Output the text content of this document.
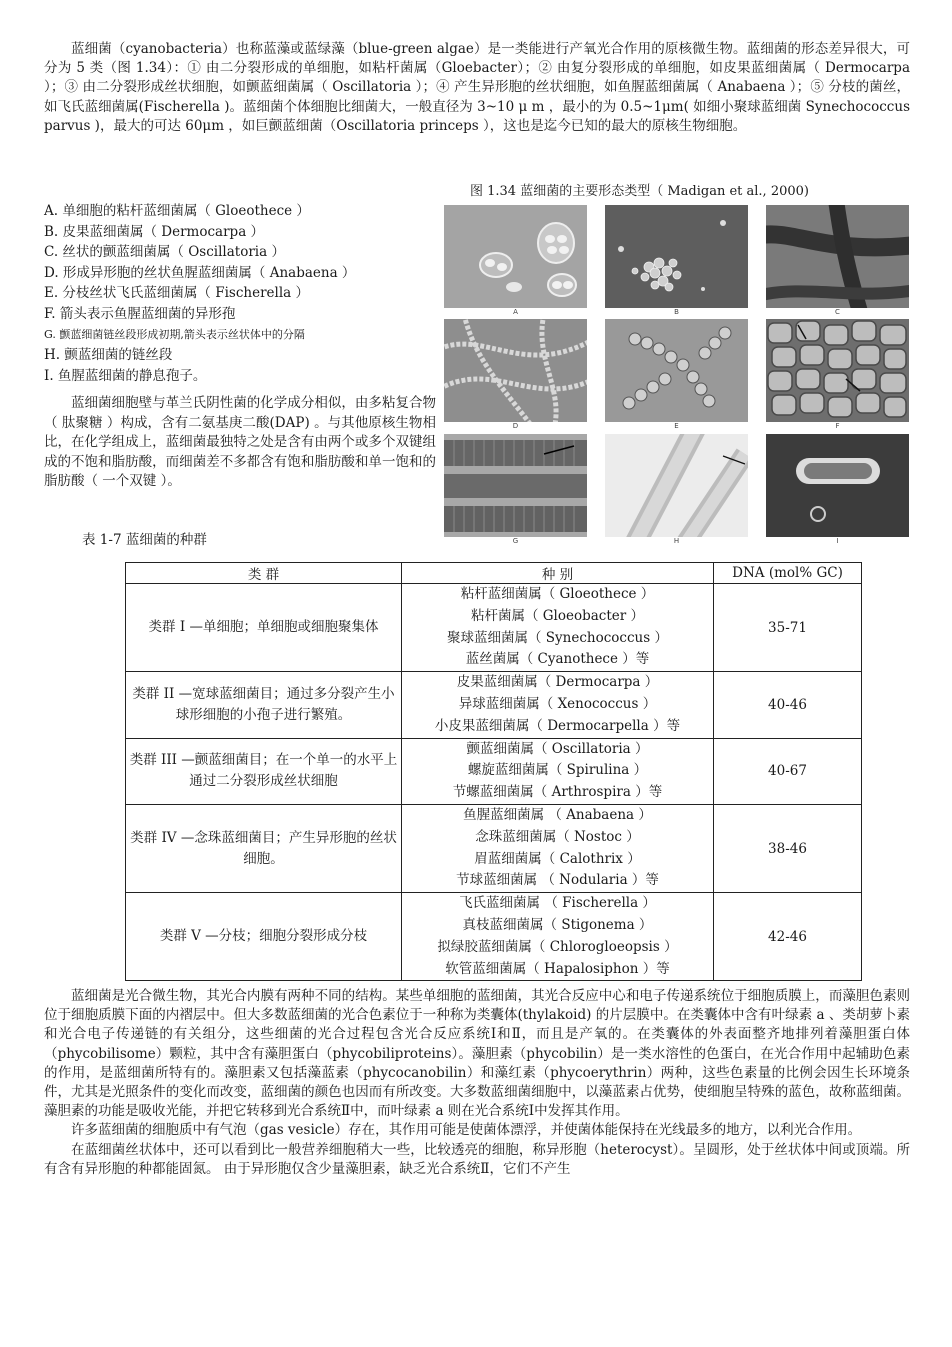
蓝细菌（cyanobacteria）也称蓝藻或蓝绿藻（blue-green algae）是一类能进行产氧光合作用的原核微生物。蓝细菌的形态差异很大，可分为 5 类（图 1.34）：① 由二分裂形成的单细胞，如粘杆菌属（Gloebacter）；② 由复分裂形成的单细胞，如皮果蓝细菌属（ Dermocarpa ）；③ 由二分裂形成丝状细胞，如颤蓝细菌属（ Oscillatoria ）；④ 产生异形胞的丝状细胞，如鱼腥蓝细菌属（ Anabaena ）；⑤ 分枝的菌丝，如飞氏蓝细菌属(Fischerella )。蓝细菌个体细胞比细菌大，一般直径为 3~10 μ m ，最小的为 0.5~1μm( 如细小聚球蓝细菌 Synechococcus parvus )，最大的可达 60μm ，如巨颤蓝细菌（Oscillatoria princeps ），这也是迄今已知的最大的原核生物细胞。
图 1.34 蓝细菌的主要形态类型（ Madigan et al., 2000)
A. 单细胞的粘杆蓝细菌属（ Gloeothece ）
B. 皮果蓝细菌属（ Dermocarpa ）
C. 丝状的颤蓝细菌属（ Oscillatoria ）
D. 形成异形胞的丝状鱼腥蓝细菌属（ Anabaena ）
E. 分枝丝状飞氏蓝细菌属（ Fischerella ）
F. 箭头表示鱼腥蓝细菌的异形孢
G. 颤蓝细菌链丝段形成初期,箭头表示丝状体中的分隔
H. 颤蓝细菌的链丝段
I. 鱼腥蓝细菌的静息孢子。
蓝细菌细胞壁与革兰氏阴性菌的化学成分相似，由多粘复合物（ 肽聚糖 ）构成，含有二氨基庚二酸(DAP) 。与其他原核生物相比，在化学组成上，蓝细菌最独特之处是含有由两个或多个双键组成的不饱和脂肪酸，而细菌差不多都含有饱和脂肪酸和单一饱和的脂肪酸（ 一个双键 ）。
表 1-7 蓝细菌的种群
A	B	C
D	E	F
G	H	I
类 群	种 别	DNA (mol% GC)
类群 I —单细胞；单细胞或细胞聚集体	粘杆蓝细菌属（ Gloeothece ）
粘杆菌属（ Gloeobacter ）
聚球蓝细菌属（ Synechococcus ）
蓝丝菌属（ Cyanothece ）等	35-71
类群 II —宽球蓝细菌目；通过多分裂产生小球形细胞的小孢子进行繁殖。	皮果蓝细菌属（ Dermocarpa ）
异球蓝细菌属（ Xenococcus ）
小皮果蓝细菌属（ Dermocarpella ）等	40-46
类群 III —颤蓝细菌目；在一个单一的水平上通过二分裂形成丝状细胞	颤蓝细菌属（ Oscillatoria ）
螺旋蓝细菌属（ Spirulina ）
节螺蓝细菌属（ Arthrospira ）等	40-67
类群 IV —念珠蓝细菌目；产生异形胞的丝状细胞。	鱼腥蓝细菌属 （ Anabaena ）
念珠蓝细菌属（ Nostoc ）
眉蓝细菌属（ Calothrix ）
节球蓝细菌属 （ Nodularia ）等	38-46
类群 V —分枝；细胞分裂形成分枝	飞氏蓝细菌属 （ Fischerella ）
真枝蓝细菌属（ Stigonema ）
拟绿胶蓝细菌属（ Chlorogloeopsis ）
软管蓝细菌属（ Hapalosiphon ）等	42-46

蓝细菌是光合微生物，其光合内膜有两种不同的结构。某些单细胞的蓝细菌，其光合反应中心和电子传递系统位于细胞质膜上，而藻胆色素则位于细胞质膜下面的内褶层中。但大多数蓝细菌的光合色素位于一种称为类囊体(thylakoid) 的片层膜中。在类囊体中含有叶绿素 a 、类胡萝卜素和光合电子传递链的有关组分，这些细菌的光合过程包含光合反应系统Ⅰ和Ⅱ，而且是产氧的。在类囊体的外表面整齐地排列着藻胆蛋白体（phycobilisome）颗粒，其中含有藻胆蛋白（phycobiliproteins）。藻胆素（phycobilin）是一类水溶性的色蛋白，在光合作用中起辅助色素的作用，是蓝细菌所特有的。藻胆素又包括藻蓝素（phycocanobilin）和藻红素（phycoerythrin）两种，这些色素量的比例会因生长环境条件，尤其是光照条件的变化而改变，蓝细菌的颜色也因而有所改变。大多数蓝细菌细胞中，以藻蓝素占优势，使细胞呈特殊的蓝色，故称蓝细菌。藻胆素的功能是吸收光能，并把它转移到光合系统Ⅱ中，而叶绿素 a 则在光合系统Ⅰ中发挥其作用。

许多蓝细菌的细胞质中有气泡（gas vesicle）存在，其作用可能是使菌体漂浮，并使菌体能保持在光线最多的地方，以利光合作用。

在蓝细菌丝状体中，还可以看到比一般营养细胞稍大一些，比较透亮的细胞，称异形胞（heterocyst）。呈圆形，处于丝状体中间或顶端。所有含有异形胞的种都能固氮。 由于异形胞仅含少量藻胆素，缺乏光合系统Ⅱ，它们不产生
